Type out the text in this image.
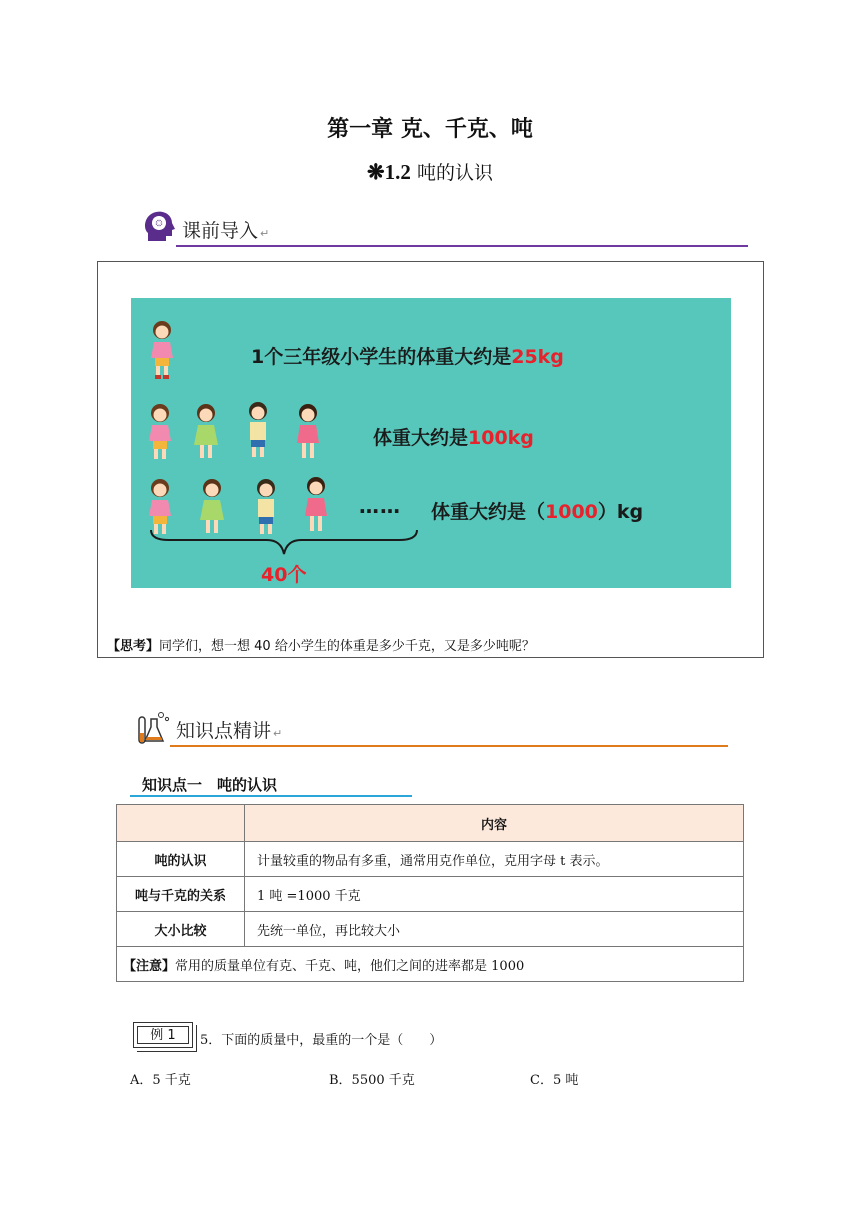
第一章 克、千克、吨
❋1.2 吨的认识
课前导入 ↵
1个三年级小学生的体重大约是25kg
体重大约是100kg
…… 体重大约是（1000）kg
40个
【思考】同学们，想一想 40 给小学生的体重是多少千克，又是多少吨呢？
知识点精讲 ↵
知识点一　吨的认识
	内容
吨的认识	计量较重的物品有多重，通常用克作单位，克用字母 t 表示。
吨与千克的关系	1 吨 =1000 千克
大小比较	先统一单位，再比较大小
【注意】常用的质量单位有克、千克、吨，他们之间的进率都是 1000	
例 1	5．下面的质量中，最重的一个是（　　）
A．5 千克	B．5500 千克	C．5 吨
